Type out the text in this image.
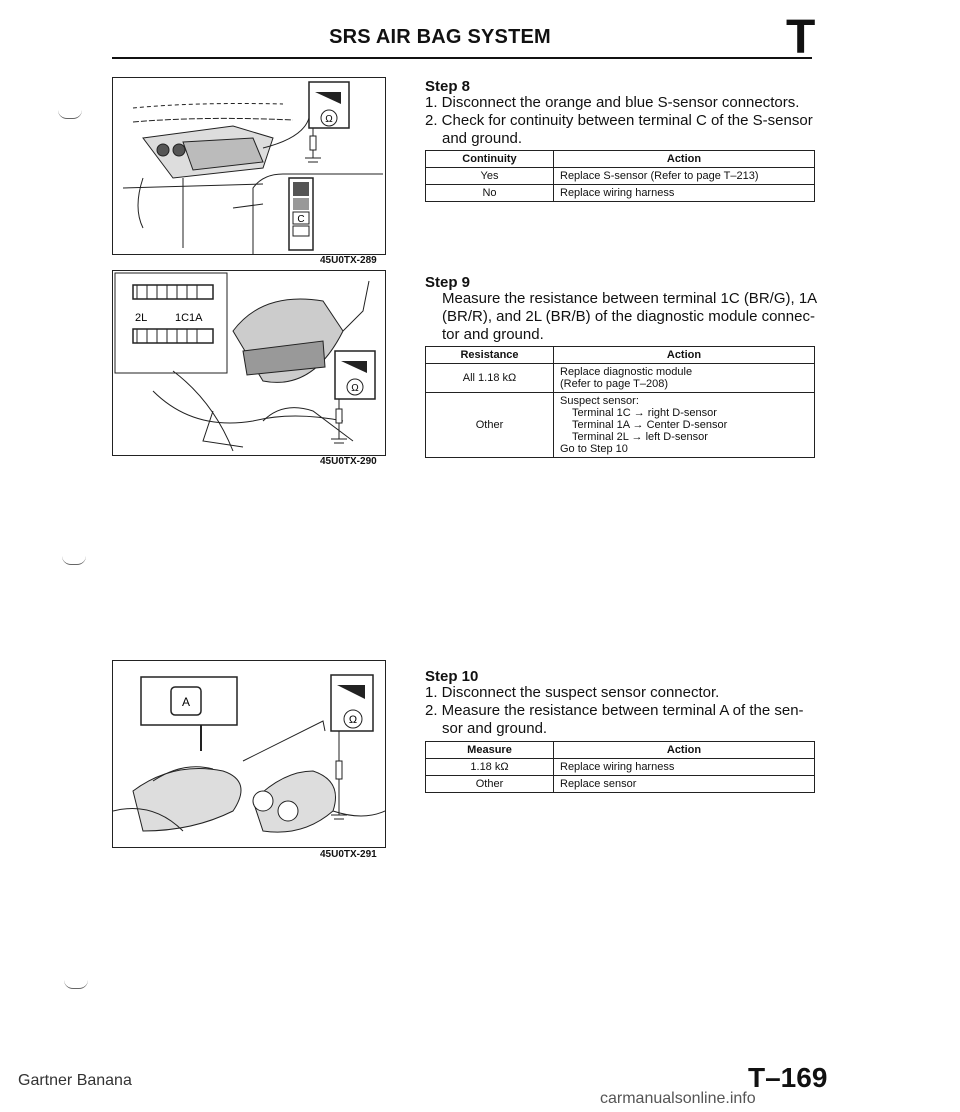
SRS AIR BAG SYSTEM	T
Ω
C
45U0TX-289
2L	1C1A
Ω
45U0TX-290
A
Ω
45U0TX-291
Step 8
1. Disconnect the orange and blue S-sensor connectors.
2. Check for continuity between terminal C of the S-sensor
and ground.
Continuity	Action
Yes	Replace S-sensor (Refer to page T–213)
No	Replace wiring harness
Step 9
Measure the resistance between terminal 1C (BR/G), 1A
(BR/R), and 2L (BR/B) of the diagnostic module connec-
tor and ground.
Resistance	Action
All 1.18 kΩ	Replace diagnostic module
(Refer to page T–208)

Other	Suspect sensor:
Terminal 1C → right D-sensor
Terminal 1A → Center D-sensor
Terminal 2L → left D-sensor
Go to Step 10
Step 10
1. Disconnect the suspect sensor connector.
2. Measure the resistance between terminal A of the sen-
sor and ground.
Measure	Action
1.18 kΩ	Replace wiring harness
Other	Replace sensor
Gartner Banana	T–169
carmanualsonline.info
